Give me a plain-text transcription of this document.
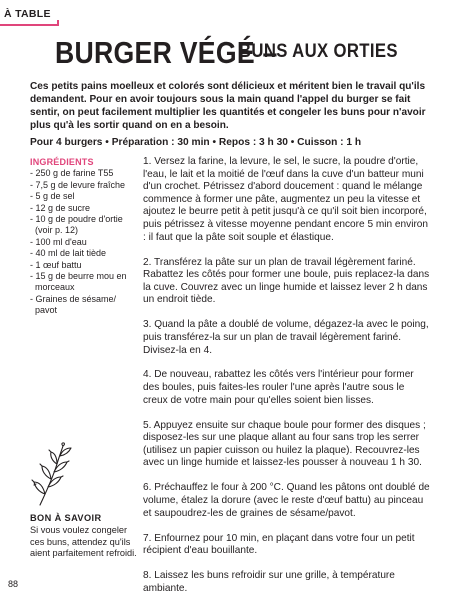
À TABLE
BURGER VÉGÉ –
BUNS AUX ORTIES

Ces petits pains moelleux et colorés sont délicieux et méritent bien le travail qu'ils demandent. Pour en avoir toujours sous la main quand l'appel du burger se fait sentir, on peut facilement multiplier les quantités et congeler les buns pour n'avoir plus qu'à les sortir quand on en a besoin.

Pour 4 burgers • Préparation : 30 min • Repos : 3 h 30 • Cuisson : 1 h

INGRÉDIENTS
- 250 g de farine T55
- 7,5 g de levure fraîche
- 5 g de sel
- 12 g de sucre
- 10 g de poudre d'ortie (voir p. 12)
- 100 ml d'eau
- 40 ml de lait tiède
- 1 œuf battu
- 15 g de beurre mou en morceaux
- Graines de sésame/ pavot

1. Versez la farine, la levure, le sel, le sucre, la poudre d'ortie, l'eau, le lait et la moitié de l'œuf dans la cuve d'un batteur muni d'un crochet. Pétrissez d'abord doucement : quand le mélange commence à former une pâte, augmentez un peu la vitesse et ajoutez le beurre petit à petit jusqu'à ce qu'il soit bien incorporé, puis pétrissez à vitesse moyenne pendant encore 5 min environ : il faut que la pâte soit souple et élastique.

2. Transférez la pâte sur un plan de travail légèrement fariné. Rabattez les côtés pour former une boule, puis replacez-la dans la cuve. Couvrez avec un linge humide et laissez lever 2 h dans un endroit tiède.

3. Quand la pâte a doublé de volume, dégazez-la avec le poing, puis transférez-la sur un plan de travail légèrement fariné. Divisez-la en 4.

4. De nouveau, rabattez les côtés vers l'intérieur pour former des boules, puis faites-les rouler l'une après l'autre sous le creux de votre main pour qu'elles soient bien lisses.

5. Appuyez ensuite sur chaque boule pour former des disques ; disposez-les sur une plaque allant au four sans trop les serrer (utilisez un papier cuisson ou huilez la plaque). Recouvrez-les avec un linge humide et laissez-les pousser à nouveau 1 h 30.

6. Préchauffez le four à 200 °C. Quand les pâtons ont doublé de volume, étalez la dorure (avec le reste d'œuf battu) au pinceau et saupoudrez-les de graines de sésame/pavot.

7. Enfournez pour 10 min, en plaçant dans votre four un petit récipient d'eau bouillante.

8. Laissez les buns refroidir sur une grille, à température ambiante.

BON À SAVOIR
Si vous voulez congeler ces buns, attendez qu'ils aient parfaitement refroidi.
88
